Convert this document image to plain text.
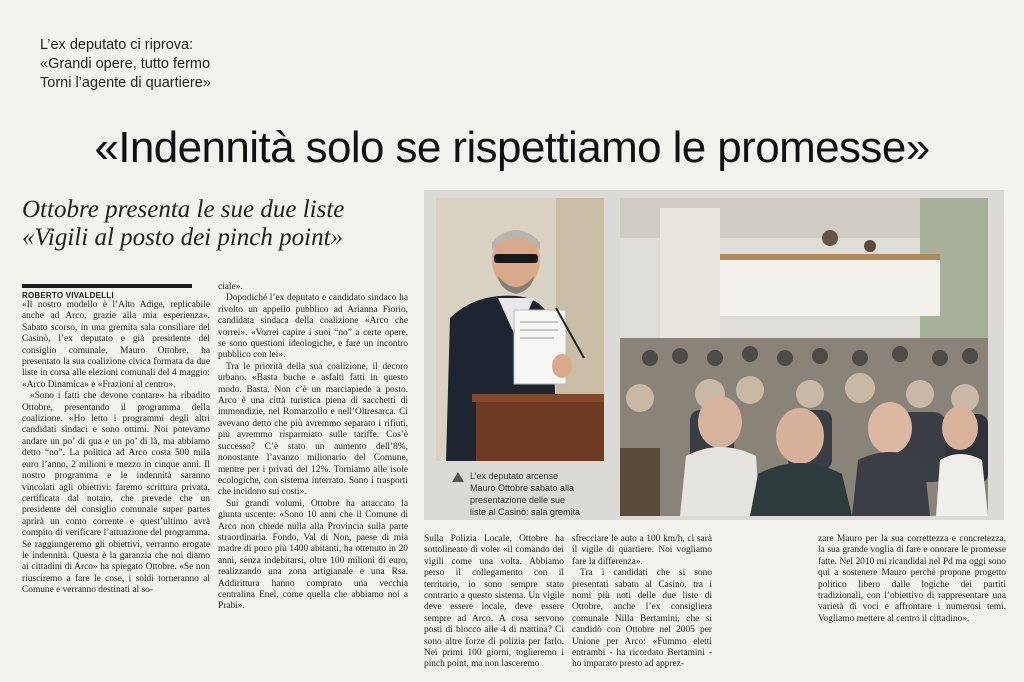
L’ex deputato ci riprova:
«Grandi opere, tutto fermo
Torni l’agente di quartiere»
«Indennità solo se rispettiamo le promesse»
Ottobre presenta le sue due liste
«Vigili al posto dei pinch point»
ROBERTO VIVALDELLI

«Il nostro modello è l’Alto Adige, replicabile anche ad Arco, grazie alla mia esperienza». Sabato scorso, in una gremita sala consiliare del Casinò, l’ex deputato e già presidente del consiglio comunale, Mauro Ottobre, ha presentato la sua coalizione civica formata da due liste in corsa alle elezioni comunali del 4 maggio: «Arco Dinamica» e «Frazioni al centro».

«Sono i fatti che devono contare» ha ribadito Ottobre, presentando il programma della coalizione. «Ho letto i programmi degli altri candidati sindaci e sono ottimi. Noi potevamo andare un po’ di qua e un po’ di là, ma abbiamo detto “no”. La politica ad Arco costa 500 mila euro l’anno, 2 milioni e mezzo in cinque anni. Il nostro programma e le indennità saranno vincolati agli obiettivi: faremo scrittura privata, certificata dal notaio, che prevede che un presidente del consiglio comunale super partes aprirà un conto corrente e quest’ultimo avrà compito di verificare l’attuazione del programma. Se raggiungeremo gli obiettivi, verranno erogate le indennità. Questa è la garanzia che noi diamo ai cittadini di Arco» ha spiegato Ottobre. «Se non riusciremo a fare le cose, i soldi torneranno al Comune e verranno destinati al so-

ciale».

Dopodiché l’ex deputato e candidato sindaco ha rivolto un appello pubblico ad Arianna Fiorio, candidata sindaca della coalizione «Arco che vorrei». «Vorrei capire i suoi “no” a certe opere, se sono questioni ideologiche, e fare un incontro pubblico con lei».

Tra le priorità della sua coalizione, il decoro urbano. «Basta buche e asfalti fatti in questo modo. Basta. Non c’è un marciapiede a posto. Arco è una città turistica piena di sacchetti di immondizie, nel Romarzollo e nell’Oltresarca. Ci avevano detto che più avremmo separato i rifiuti, più avremmo risparmiato sulle tariffe. Cos’è successo? C’è stato un aumento dell’8%, nonostante l’avanzo milionario del Comune, mentre per i privati del 12%. Torniamo alle isole ecologiche, con sistema interrato. Sono i trasporti che incidono sui costi».

Sui grandi volumi, Ottobre ha attaccato la giunta uscente: «Sono 10 anni che il Comune di Arco non chiede nulla alla Provincia sulla parte straordinaria. Fondo, Val di Non, paese di mia madre di poco più 1400 abitanti, ha ottenuto in 20 anni, senza indebitarsi, oltre 100 milioni di euro, realizzando una zona artigianale e una Rsa. Addirittura hanno comprato una vecchia centralina Enel, come quella che abbiamo noi a Prabi».

L’ex deputato arcense
Mauro Ottobre sabato alla
presentazione delle sue
liste al Casinò: sala gremita

Sulla Polizia Locale, Ottobre ha sottolineato di voler «il comando dei vigili come una volta. Abbiamo perso il collegamento con il territorio, io sono sempre stato contrario a questo sistema. Un vigile deve essere locale, deve essere sempre ad Arco. A cosa servono posti di blocco alle 4 di mattina? Ci sono altre forze di polizia per farlo. Nei primi 100 giorni, toglieremo i pinch point, ma non lasceremo

sfrecciare le auto a 100 km/h, ci sarà il vigile di quartiere. Noi vogliamo fare la differenza».

Tra i candidati che si sono presentati sabato al Casinò, tra i nomi più noti delle due liste di Ottobre, anche l’ex consigliera comunale Nilla Bertamini, che si candidò con Ottobre nel 2005 per Unione per Arco: «Fummo eletti entrambi - ha ricordato Bertamini - ho imparato presto ad apprez-

zare Mauro per la sua correttezza e concretezza, la sua grande voglia di fare e onorare le promesse fatte. Nel 2010 mi ricandidai nel Pd ma oggi sono qui a sostenere Mauro perché propone progetto politico libero dalle logiche dei partiti tradizionali, con l’obiettivo di rappresentare una varietà di voci e affrontare i numerosi temi. Vogliamo mettere al centro il cittadino».
